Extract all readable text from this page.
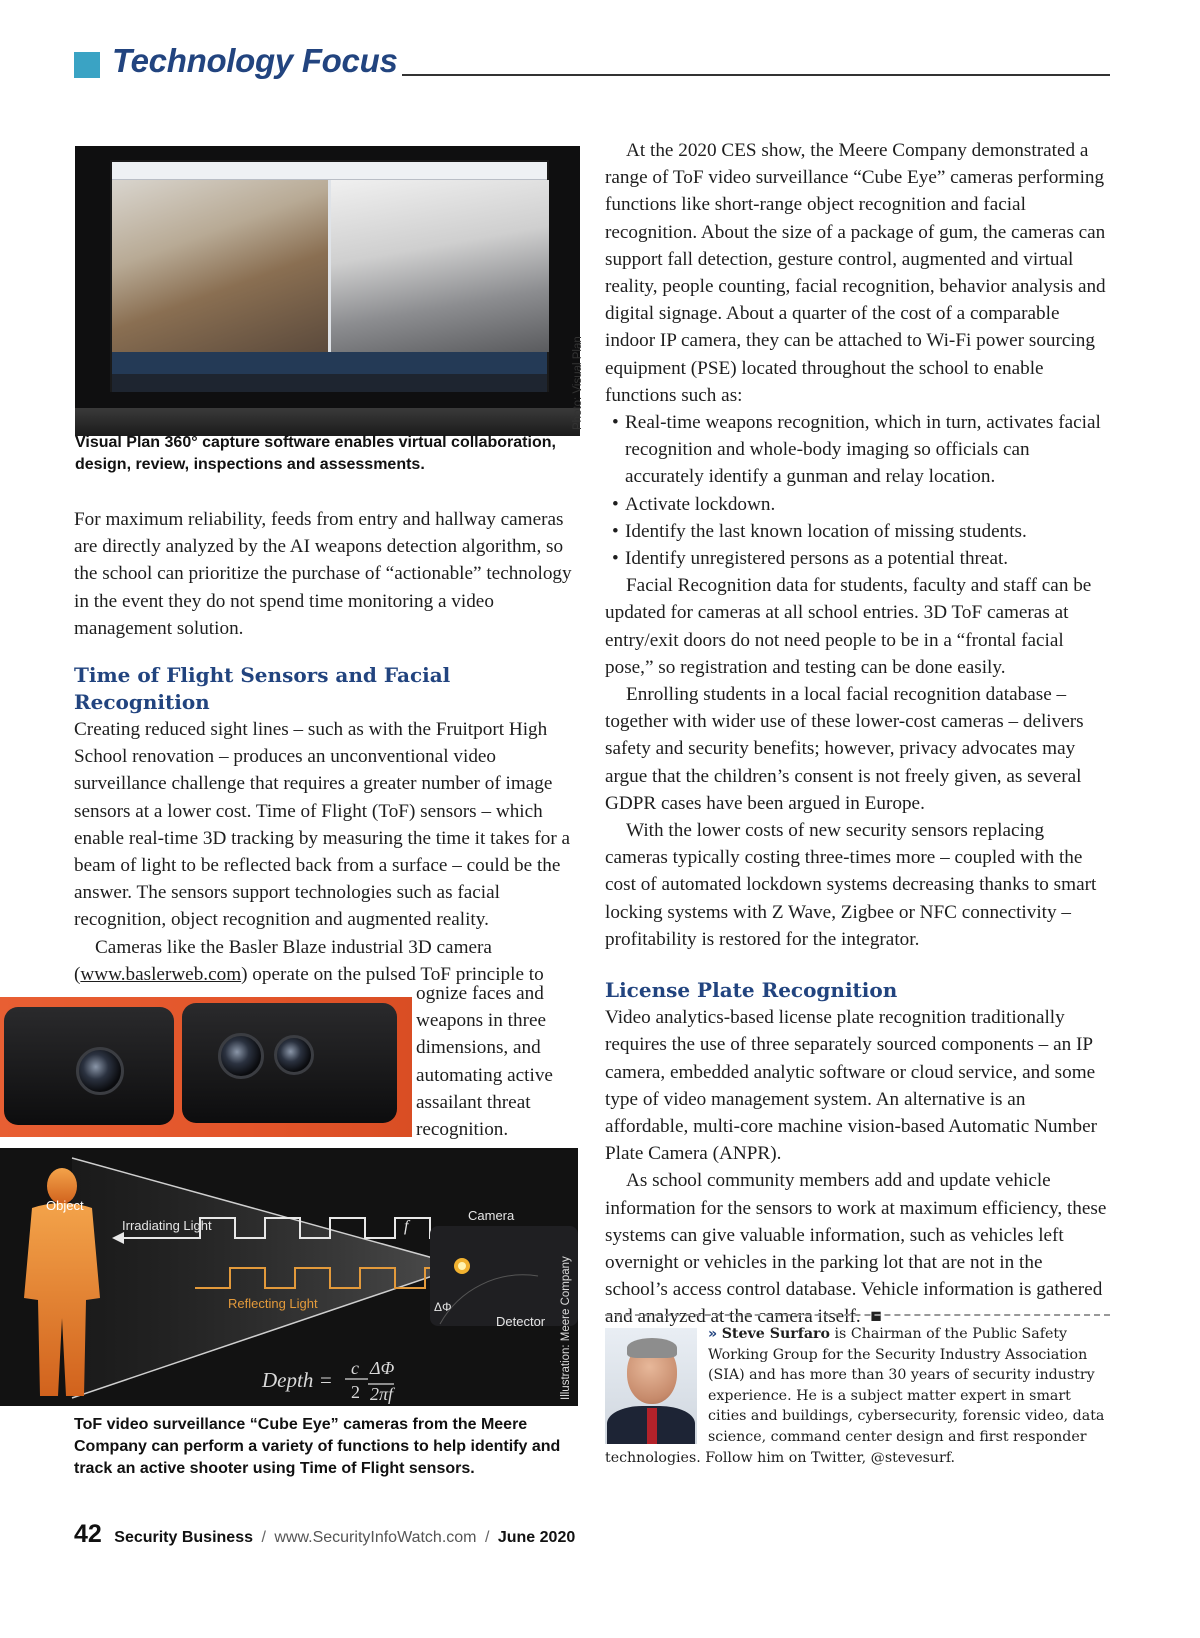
Technology Focus
Photo: Visual Plan
Visual Plan 360° capture software enables virtual collaboration, design, review, inspections and assessments.

For maximum reliability, feeds from entry and hallway cameras are directly analyzed by the AI weapons detection algorithm, so the school can prioritize the purchase of “actionable” technology in the event they do not spend time monitoring a video management solution.

Time of Flight Sensors and Facial Recognition

Creating reduced sight lines – such as with the Fruitport High School renovation – produces an unconventional video surveillance challenge that requires a greater number of image sensors at a lower cost. Time of Flight (ToF) sensors – which enable real-time 3D tracking by measuring the time it takes for a beam of light to be reflected back from a surface – could be the answer. The sensors support technologies such as facial recognition, object recognition and augmented reality.

Cameras like the Basler Blaze industrial 3D camera (www.baslerweb.com) operate on the pulsed ToF principle to

ognize faces and weapons in three dimensions, and automating active assailant threat recognition.

Object
Irradiating Light
Reflecting Light
Camera
Detector
f
ΔΦ
Depth = c
2
ΔΦ
2πf	Illustration: Meere Company
ToF video surveillance “Cube Eye” cameras from the Meere Company can perform a variety of functions to help identify and track an active shooter using Time of Flight sensors.

At the 2020 CES show, the Meere Company demonstrated a range of ToF video surveillance “Cube Eye” cameras performing functions like short-range object recognition and facial recognition. About the size of a package of gum, the cameras can support fall detection, gesture control, augmented and virtual reality, people counting, facial recognition, behavior analysis and digital signage. About a quarter of the cost of a comparable indoor IP camera, they can be attached to Wi-Fi power sourcing equipment (PSE) located throughout the school to enable functions such as:

• Real-time weapons recognition, which in turn, activates facial recognition and whole-body imaging so officials can accurately identify a gunman and relay location.

• Activate lockdown.

• Identify the last known location of missing students.

• Identify unregistered persons as a potential threat.

Facial Recognition data for students, faculty and staff can be updated for cameras at all school entries. 3D ToF cameras at entry/exit doors do not need people to be in a “frontal facial pose,” so registration and testing can be done easily.

Enrolling students in a local facial recognition database – together with wider use of these lower-cost cameras – delivers safety and security benefits; however, privacy advocates may argue that the children’s consent is not freely given, as several GDPR cases have been argued in Europe.

With the lower costs of new security sensors replacing cameras typically costing three-times more – coupled with the cost of automated lockdown systems decreasing thanks to smart locking systems with Z Wave, Zigbee or NFC connectivity – profitability is restored for the integrator.

License Plate Recognition

Video analytics-based license plate recognition traditionally requires the use of three separately sourced components – an IP camera, embedded analytic software or cloud service, and some type of video management system. An alternative is an affordable, multi-core machine vision-based Automatic Number Plate Camera (ANPR).

As school community members add and update vehicle information for the sensors to work at maximum efficiency, these systems can give valuable information, such as vehicles left overnight or vehicles in the parking lot that are not in the school’s access control database. Vehicle information is gathered and analyzed at the camera itself. ■

» Steve Surfaro is Chairman of the Public Safety Working Group for the Security Industry Association (SIA) and has more than 30 years of security industry experience. He is a subject matter expert in smart cities and buildings, cybersecurity, forensic video, data science, command center design and first responder technologies. Follow him on Twitter, @stevesurf.
42 Security Business / www.SecurityInfoWatch.com / June 2020
